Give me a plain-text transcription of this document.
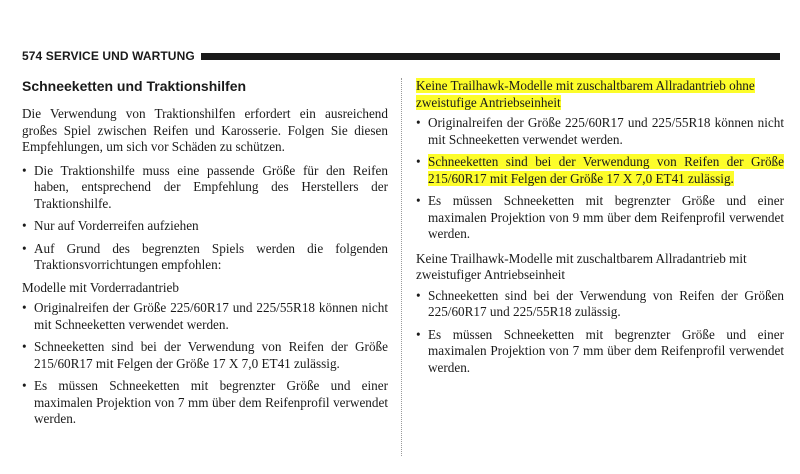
574 SERVICE UND WARTUNG
Schneeketten und Traktionshilfen

Die Verwendung von Traktionshilfen erfordert ein ausreichend großes Spiel zwischen Reifen und Karosserie. Folgen Sie diesen Empfehlungen, um sich vor Schäden zu schützen.

• Die Traktionshilfe muss eine passende Größe für den Reifen haben, entsprechend der Empfehlung des Herstellers der Traktionshilfe.
• Nur auf Vorderreifen aufziehen
• Auf Grund des begrenzten Spiels werden die folgenden Traktionsvorrichtungen empfohlen:

Modelle mit Vorderradantrieb

• Originalreifen der Größe 225/60R17 und 225/55R18 können nicht mit Schneeketten verwendet werden.
• Schneeketten sind bei der Verwendung von Reifen der Größe 215/60R17 mit Felgen der Größe 17 X 7,0 ET41 zulässig.
• Es müssen Schneeketten mit begrenzter Größe und einer maximalen Projektion von 7 mm über dem Reifenprofil verwendet werden.

Keine Trailhawk-Modelle mit zuschaltbarem Allradantrieb ohne zweistufige Antriebseinheit

• Originalreifen der Größe 225/60R17 und 225/55R18 können nicht mit Schneeketten verwendet werden.
• Schneeketten sind bei der Verwendung von Reifen der Größe 215/60R17 mit Felgen der Größe 17 X 7,0 ET41 zulässig.
• Es müssen Schneeketten mit begrenzter Größe und einer maximalen Projektion von 9 mm über dem Reifenprofil verwendet werden.

Keine Trailhawk-Modelle mit zuschaltbarem Allradantrieb mit zweistufiger Antriebseinheit

• Schneeketten sind bei der Verwendung von Reifen der Größen 225/60R17 und 225/55R18 zulässig.
• Es müssen Schneeketten mit begrenzter Größe und einer maximalen Projektion von 7 mm über dem Reifenprofil verwendet werden.
